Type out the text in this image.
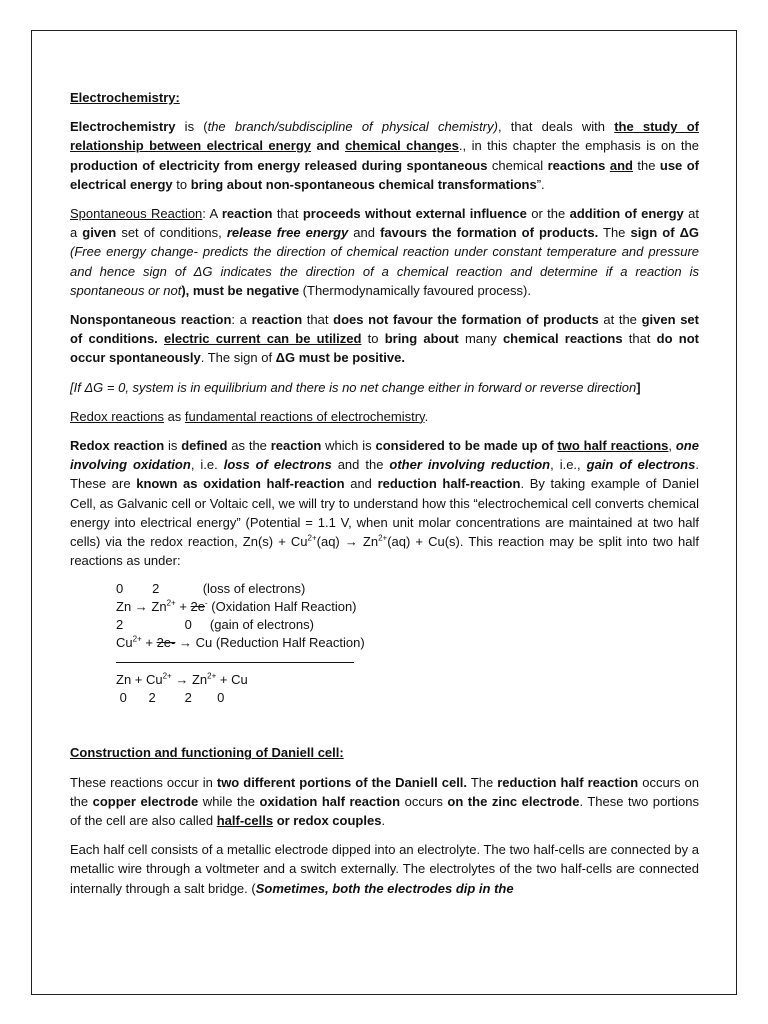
Electrochemistry:

Electrochemistry is (the branch/subdiscipline of physical chemistry), that deals with the study of relationship between electrical energy and chemical changes., in this chapter the emphasis is on the production of electricity from energy released during spontaneous chemical reactions and the use of electrical energy to bring about non-spontaneous chemical transformations”.

Spontaneous Reaction: A reaction that proceeds without external influence or the addition of energy at a given set of conditions, release free energy and favours the formation of products. The sign of ΔG (Free energy change- predicts the direction of chemical reaction under constant temperature and pressure and hence sign of ΔG indicates the direction of a chemical reaction and determine if a reaction is spontaneous or not), must be negative (Thermodynamically favoured process).

Nonspontaneous reaction: a reaction that does not favour the formation of products at the given set of conditions. electric current can be utilized to bring about many chemical reactions that do not occur spontaneously. The sign of ΔG must be positive.

[If ΔG = 0, system is in equilibrium and there is no net change either in forward or reverse direction]

Redox reactions as fundamental reactions of electrochemistry.

Redox reaction is defined as the reaction which is considered to be made up of two half reactions, one involving oxidation, i.e. loss of electrons and the other involving reduction, i.e., gain of electrons. These are known as oxidation half-reaction and reduction half-reaction. By taking example of Daniel Cell, as Galvanic cell or Voltaic cell, we will try to understand how this “electrochemical cell converts chemical energy into electrical energy” (Potential = 1.1 V, when unit molar concentrations are maintained at two half cells) via the redox reaction, $Zn(s) + Cu^{2+}(aq) \to Zn^{2+}(aq) + Cu(s)$. This reaction may be split into two half reactions as under:

0        2            (loss of electrons)
$Zn \to Zn^{2+} + 2e^-$ (Oxidation Half Reaction)
2                 0     (gain of electrons)
$Cu^{2+} + 2e- \to Cu$ (Reduction Half Reaction)
$Zn + Cu^{2+} \to Zn^{2+} + Cu$
0      2        2       0

Construction and functioning of Daniell cell:

These reactions occur in two different portions of the Daniell cell. The reduction half reaction occurs on the copper electrode while the oxidation half reaction occurs on the zinc electrode. These two portions of the cell are also called half-cells or redox couples.

Each half cell consists of a metallic electrode dipped into an electrolyte. The two half-cells are connected by a metallic wire through a voltmeter and a switch externally. The electrolytes of the two half-cells are connected internally through a salt bridge. (Sometimes, both the electrodes dip in the
